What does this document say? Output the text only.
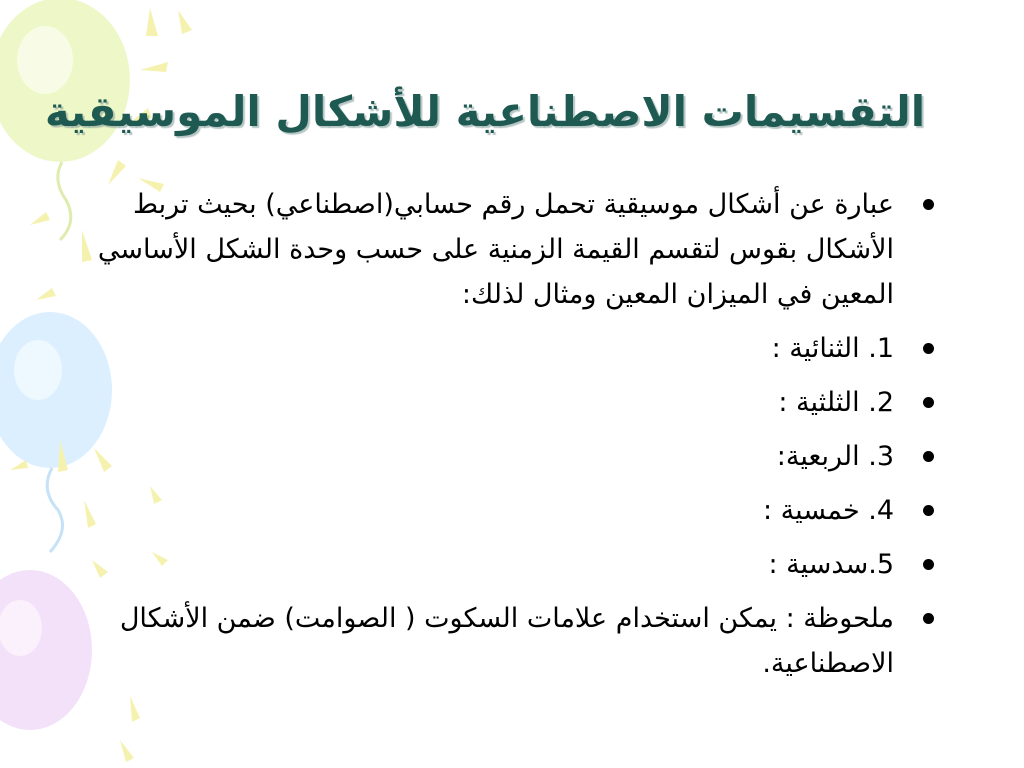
التقسيمات الاصطناعية للأشكال الموسيقية
عبارة عن أشكال موسيقية تحمل رقم حسابي(اصطناعي) بحيث تربط الأشكال بقوس لتقسم القيمة الزمنية على حسب وحدة الشكل الأساسي المعين في الميزان المعين ومثال لذلك:
1. الثنائية :
2. الثلثية :
3. الربعية:
4. خمسية :
5.سدسية :
ملحوظة : يمكن استخدام علامات السكوت ( الصوامت) ضمن الأشكال الاصطناعية.
